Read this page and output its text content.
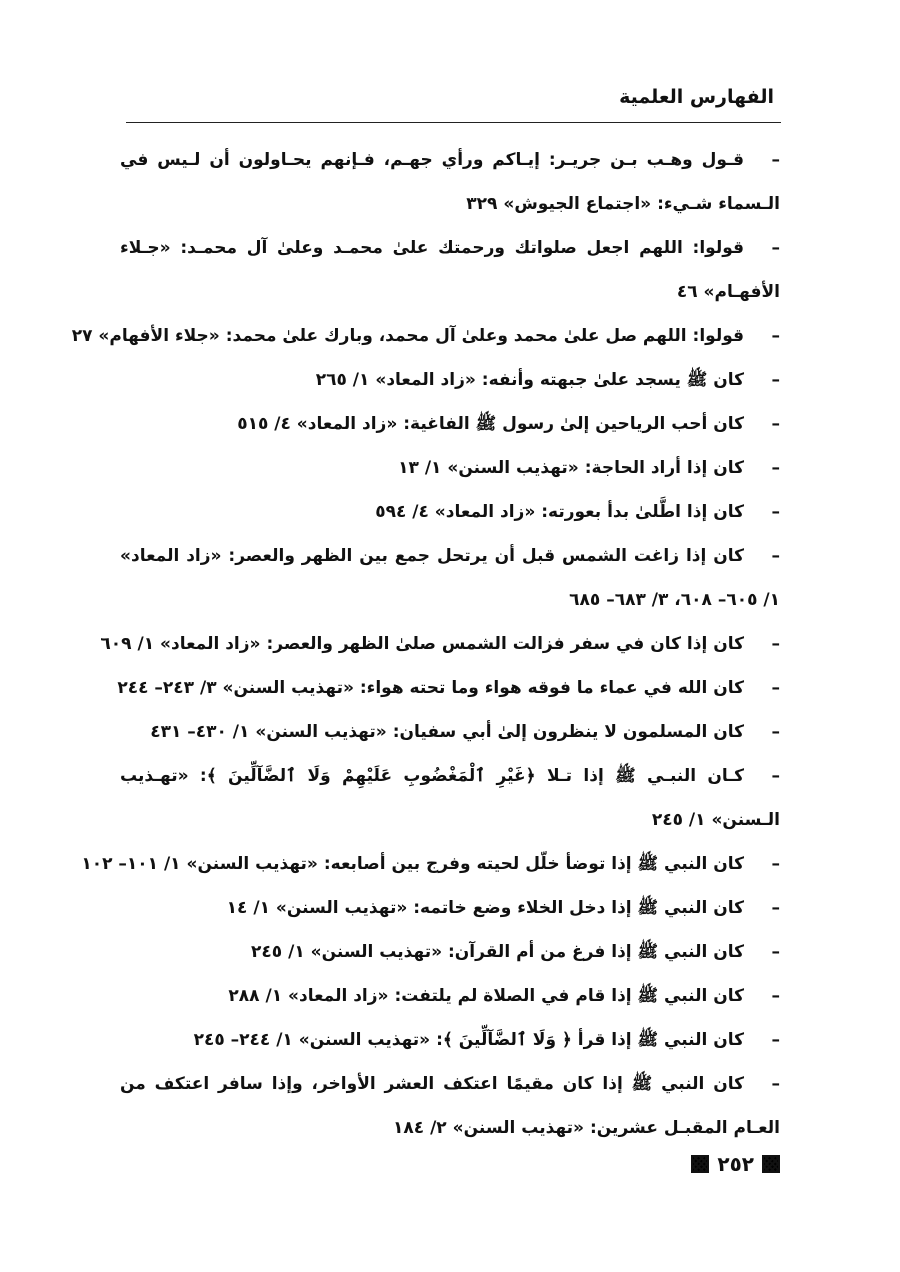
الفهارس العلمية
–قـول وهـب بـن جريـر: إيـاكم ورأي جهـم، فـإنهم يحـاولون أن لـيس في الـسماء شـيء: «اجتماع الجيوش» ٣٢٩
–قولوا: اللهم اجعل صلواتك ورحمتك علىٰ محمـد وعلىٰ آل محمـد: «جـلاء الأفهـام» ٤٦
–قولوا: اللهم صل علىٰ محمد وعلىٰ آل محمد، وبارك علىٰ محمد: «جلاء الأفهام» ٢٧
–كان ﷺ يسجد علىٰ جبهته وأنفه: «زاد المعاد» ١/ ٢٦٥
–كان أحب الرياحين إلىٰ رسول ﷺ الفاغية: «زاد المعاد» ٤/ ٥١٥
–كان إذا أراد الحاجة: «تهذيب السنن» ١/ ١٣
–كان إذا اطَّلىٰ بدأ بعورته: «زاد المعاد» ٤/ ٥٩٤
–كان إذا زاغت الشمس قبل أن يرتحل جمع بين الظهر والعصر: «زاد المعاد» ١/ ٦٠٥– ٦٠٨، ٣/ ٦٨٣– ٦٨٥
–كان إذا كان في سفر فزالت الشمس صلىٰ الظهر والعصر: «زاد المعاد» ١/ ٦٠٩
–كان الله في عماء ما فوقه هواء وما تحته هواء: «تهذيب السنن» ٣/ ٢٤٣– ٢٤٤
–كان المسلمون لا ينظرون إلىٰ أبي سفيان: «تهذيب السنن» ١/ ٤٣٠– ٤٣١
–كـان النبـي ﷺ إذا تـلا ﴿غَيْرِ ٱلْمَغْضُوبِ عَلَيْهِمْ وَلَا ٱلضَّآلِّينَ ﴾: «تهـذيب الـسنن» ١/ ٢٤٥
–كان النبي ﷺ إذا توضأ خلّل لحيته وفرج بين أصابعه: «تهذيب السنن» ١/ ١٠١– ١٠٢
–كان النبي ﷺ إذا دخل الخلاء وضع خاتمه: «تهذيب السنن» ١/ ١٤
–كان النبي ﷺ إذا فرغ من أم القرآن: «تهذيب السنن» ١/ ٢٤٥
–كان النبي ﷺ إذا قام في الصلاة لم يلتفت: «زاد المعاد» ١/ ٢٨٨
–كان النبي ﷺ إذا قرأ ﴿ وَلَا ٱلضَّآلِّينَ ﴾: «تهذيب السنن» ١/ ٢٤٤– ٢٤٥
–كان النبي ﷺ إذا كان مقيمًا اعتكف العشر الأواخر، وإذا سافر اعتكف من العـام المقبـل عشرين: «تهذيب السنن» ٢/ ١٨٤
٢٥٢
